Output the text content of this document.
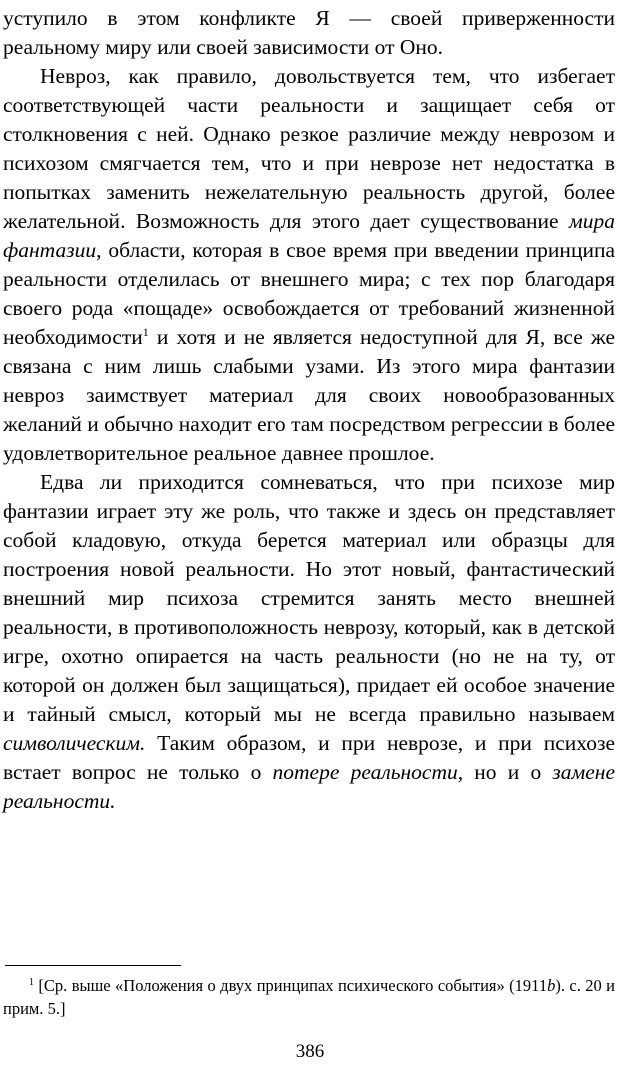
уступило в этом конфликте Я — своей приверженности реальному миру или своей зависимости от Оно.

Невроз, как правило, довольствуется тем, что избегает соответствующей части реальности и защищает себя от столкновения с ней. Однако резкое различие между неврозом и психозом смягчается тем, что и при неврозе нет недостатка в попытках заменить нежелательную реальность другой, более желательной. Возможность для этого дает существование мира фантазии, области, которая в свое время при введении принципа реальности отделилась от внешнего мира; с тех пор благодаря своего рода «пощаде» освобождается от требований жизненной необходимости$^1$ и хотя и не является недоступной для Я, все же связана с ним лишь слабыми узами. Из этого мира фантазии невроз заимствует материал для своих новообразованных желаний и обычно находит его там посредством регрессии в более удовлетворительное реальное давнее прошлое.

Едва ли приходится сомневаться, что при психозе мир фантазии играет эту же роль, что также и здесь он представляет собой кладовую, откуда берется материал или образцы для построения новой реальности. Но этот новый, фантастический внешний мир психоза стремится занять место внешней реальности, в противоположность неврозу, который, как в детской игре, охотно опирается на часть реальности (но не на ту, от которой он должен был защищаться), придает ей особое значение и тайный смысл, который мы не всегда правильно называем символическим. Таким образом, и при неврозе, и при психозе встает вопрос не только о потере реальности, но и о замене реальности.

$^1$ [Ср. выше «Положения о двух принципах психического события» (1911b). с. 20 и прим. 5.]

386
